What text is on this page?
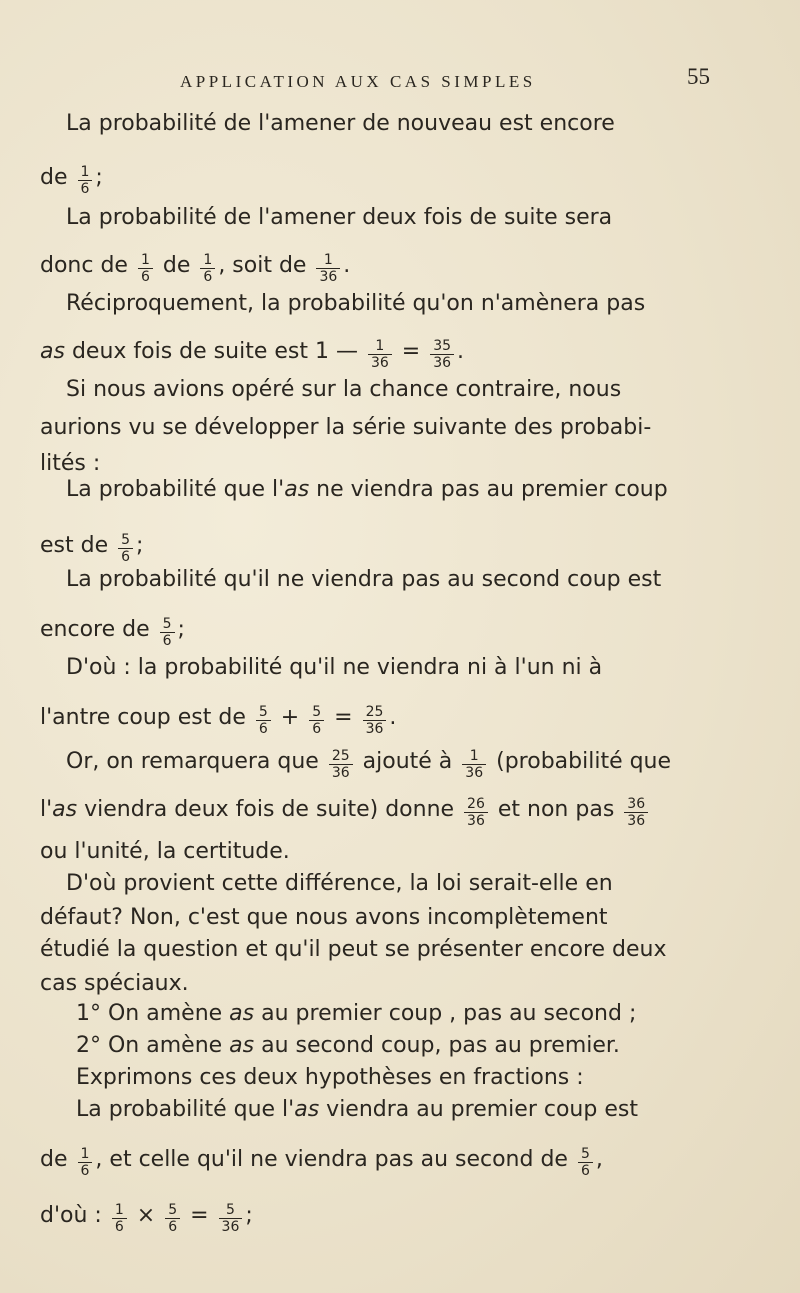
APPLICATION AUX CAS SIMPLES	55
La probabilité de l'amener de nouveau est encore
de $\frac{1}{6}$ ;
La probabilité de l'amener deux fois de suite sera
donc de $\frac{1}{6}$ de $\frac{1}{6}$ , soit de $\frac{1}{36}$ .
Réciproquement, la probabilité qu'on n'amènera pas
as deux fois de suite est 1 — $\frac{1}{36} = \frac{35}{36}$ .
Si nous avions opéré sur la chance contraire, nous
aurions vu se développer la série suivante des probabi-
lités :
La probabilité que l'as ne viendra pas au premier coup
est de $\frac{5}{6}$ ;
La probabilité qu'il ne viendra pas au second coup est
encore de $\frac{5}{6}$ ;
D'où : la probabilité qu'il ne viendra ni à l'un ni à
l'antre coup est de $\frac{5}{6} + \frac{5}{6} = \frac{25}{36}$ .
Or, on remarquera que $\frac{25}{36}$ ajouté à $\frac{1}{36}$ (probabilité que
l'as viendra deux fois de suite) donne $\frac{26}{36}$ et non pas $\frac{36}{36}$
ou l'unité, la certitude.
D'où provient cette différence, la loi serait-elle en
défaut? Non, c'est que nous avons incomplètement
étudié la question et qu'il peut se présenter encore deux
cas spéciaux.
1° On amène as au premier coup , pas au second ;
2° On amène as au second coup, pas au premier.
Exprimons ces deux hypothèses en fractions :
La probabilité que l'as viendra au premier coup est
de $\frac{1}{6}$ , et celle qu'il ne viendra pas au second de $\frac{5}{6}$ ,
d'où : $\frac{1}{6} \times \frac{5}{6} = \frac{5}{36}$ ;
